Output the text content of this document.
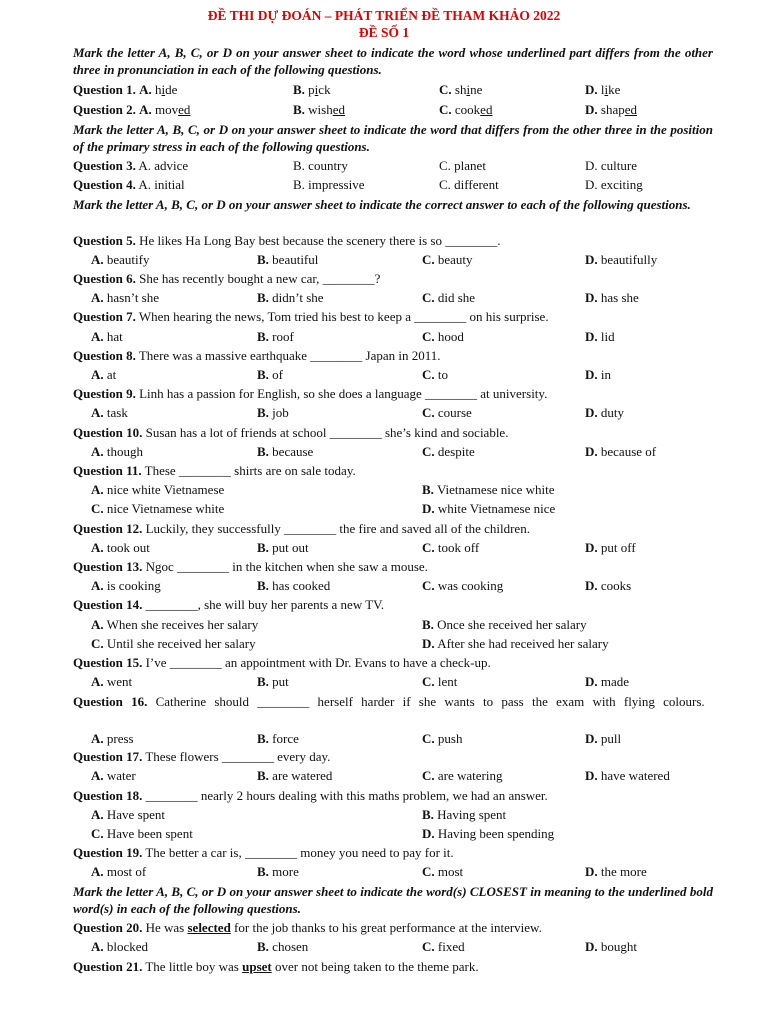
ĐỀ THI DỰ ĐOÁN – PHÁT TRIỂN ĐỀ THAM KHẢO 2022
ĐỀ SỐ 1
Mark the letter A, B, C, or D on your answer sheet to indicate the word whose underlined part differs from the other three in pronunciation in each of the following questions.
Question 1. A. hide	B. pick	C. shine	D. like
Question 2. A. moved	B. wished	C. cooked	D. shaped
Mark the letter A, B, C, or D on your answer sheet to indicate the word that differs from the other three in the position of the primary stress in each of the following questions.
Question 3. A. advice	B. country	C. planet	D. culture
Question 4. A. initial	B. impressive	C. different	D. exciting
Mark the letter A, B, C, or D on your answer sheet to indicate the correct answer to each of the following questions.
Question 5. He likes Ha Long Bay best because the scenery there is so ________.
A. beautify	B. beautiful	C. beauty	D. beautifully
Question 6. She has recently bought a new car, ________?
A. hasn’t she	B. didn’t she	C. did she	D. has she
Question 7. When hearing the news, Tom tried his best to keep a ________ on his surprise.
A. hat	B. roof	C. hood	D. lid
Question 8. There was a massive earthquake ________ Japan in 2011.
A. at	B. of	C. to	D. in
Question 9. Linh has a passion for English, so she does a language ________ at university.
A. task	B. job	C. course	D. duty
Question 10. Susan has a lot of friends at school ________ she’s kind and sociable.
A. though	B. because	C. despite	D. because of
Question 11. These ________ shirts are on sale today.
A. nice white Vietnamese	B. Vietnamese nice white
C. nice Vietnamese white	D. white Vietnamese nice
Question 12. Luckily, they successfully ________ the fire and saved all of the children.
A. took out	B. put out	C. took off	D. put off
Question 13. Ngoc ________ in the kitchen when she saw a mouse.
A. is cooking	B. has cooked	C. was cooking	D. cooks
Question 14. ________, she will buy her parents a new TV.
A. When she receives her salary	B. Once she received her salary
C. Until she received her salary	D. After she had received her salary
Question 15. I’ve ________ an appointment with Dr. Evans to have a check-up.
A. went	B. put	C. lent	D. made
Question 16. Catherine should ________ herself harder if she wants to pass the exam with flying colours.
A. press	B. force	C. push	D. pull
Question 17. These flowers ________ every day.
A. water	B. are watered	C. are watering	D. have watered
Question 18. ________ nearly 2 hours dealing with this maths problem, we had an answer.
A. Have spent	B. Having spent
C. Have been spent	D. Having been spending
Question 19. The better a car is, ________ money you need to pay for it.
A. most of	B. more	C. most	D. the more
Mark the letter A, B, C, or D on your answer sheet to indicate the word(s) CLOSEST in meaning to the underlined bold word(s) in each of the following questions.
Question 20. He was selected for the job thanks to his great performance at the interview.
A. blocked	B. chosen	C. fixed	D. bought
Question 21. The little boy was upset over not being taken to the theme park.
